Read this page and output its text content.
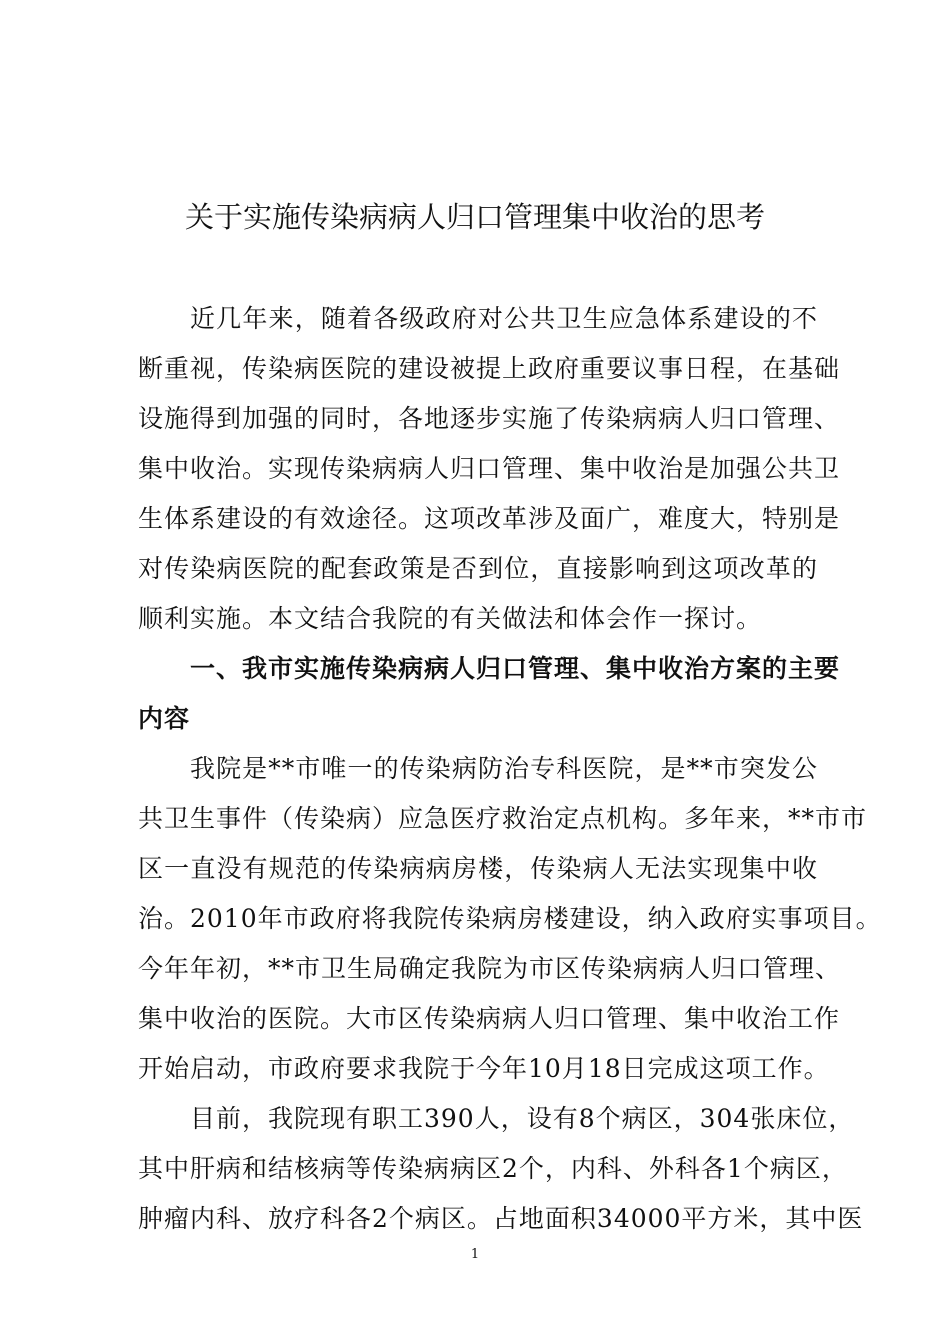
关于实施传染病病人归口管理集中收治的思考
近几年来，随着各级政府对公共卫生应急体系建设的不
断重视，传染病医院的建设被提上政府重要议事日程，在基础
设施得到加强的同时，各地逐步实施了传染病病人归口管理、
集中收治。实现传染病病人归口管理、集中收治是加强公共卫
生体系建设的有效途径。这项改革涉及面广，难度大，特别是
对传染病医院的配套政策是否到位，直接影响到这项改革的
顺利实施。本文结合我院的有关做法和体会作一探讨。
一、我市实施传染病病人归口管理、集中收治方案的主要
内容
我院是**市唯一的传染病防治专科医院，是**市突发公
共卫生事件（传染病）应急医疗救治定点机构。多年来，**市市
区一直没有规范的传染病病房楼，传染病人无法实现集中收
治。2010年市政府将我院传染病房楼建设，纳入政府实事项目。
今年年初，**市卫生局确定我院为市区传染病病人归口管理、
集中收治的医院。大市区传染病病人归口管理、集中收治工作
开始启动，市政府要求我院于今年10月18日完成这项工作。
目前，我院现有职工390人，设有8个病区，304张床位，
其中肝病和结核病等传染病病区2个，内科、外科各1个病区，
肿瘤内科、放疗科各2个病区。占地面积34000平方米，其中医
1
